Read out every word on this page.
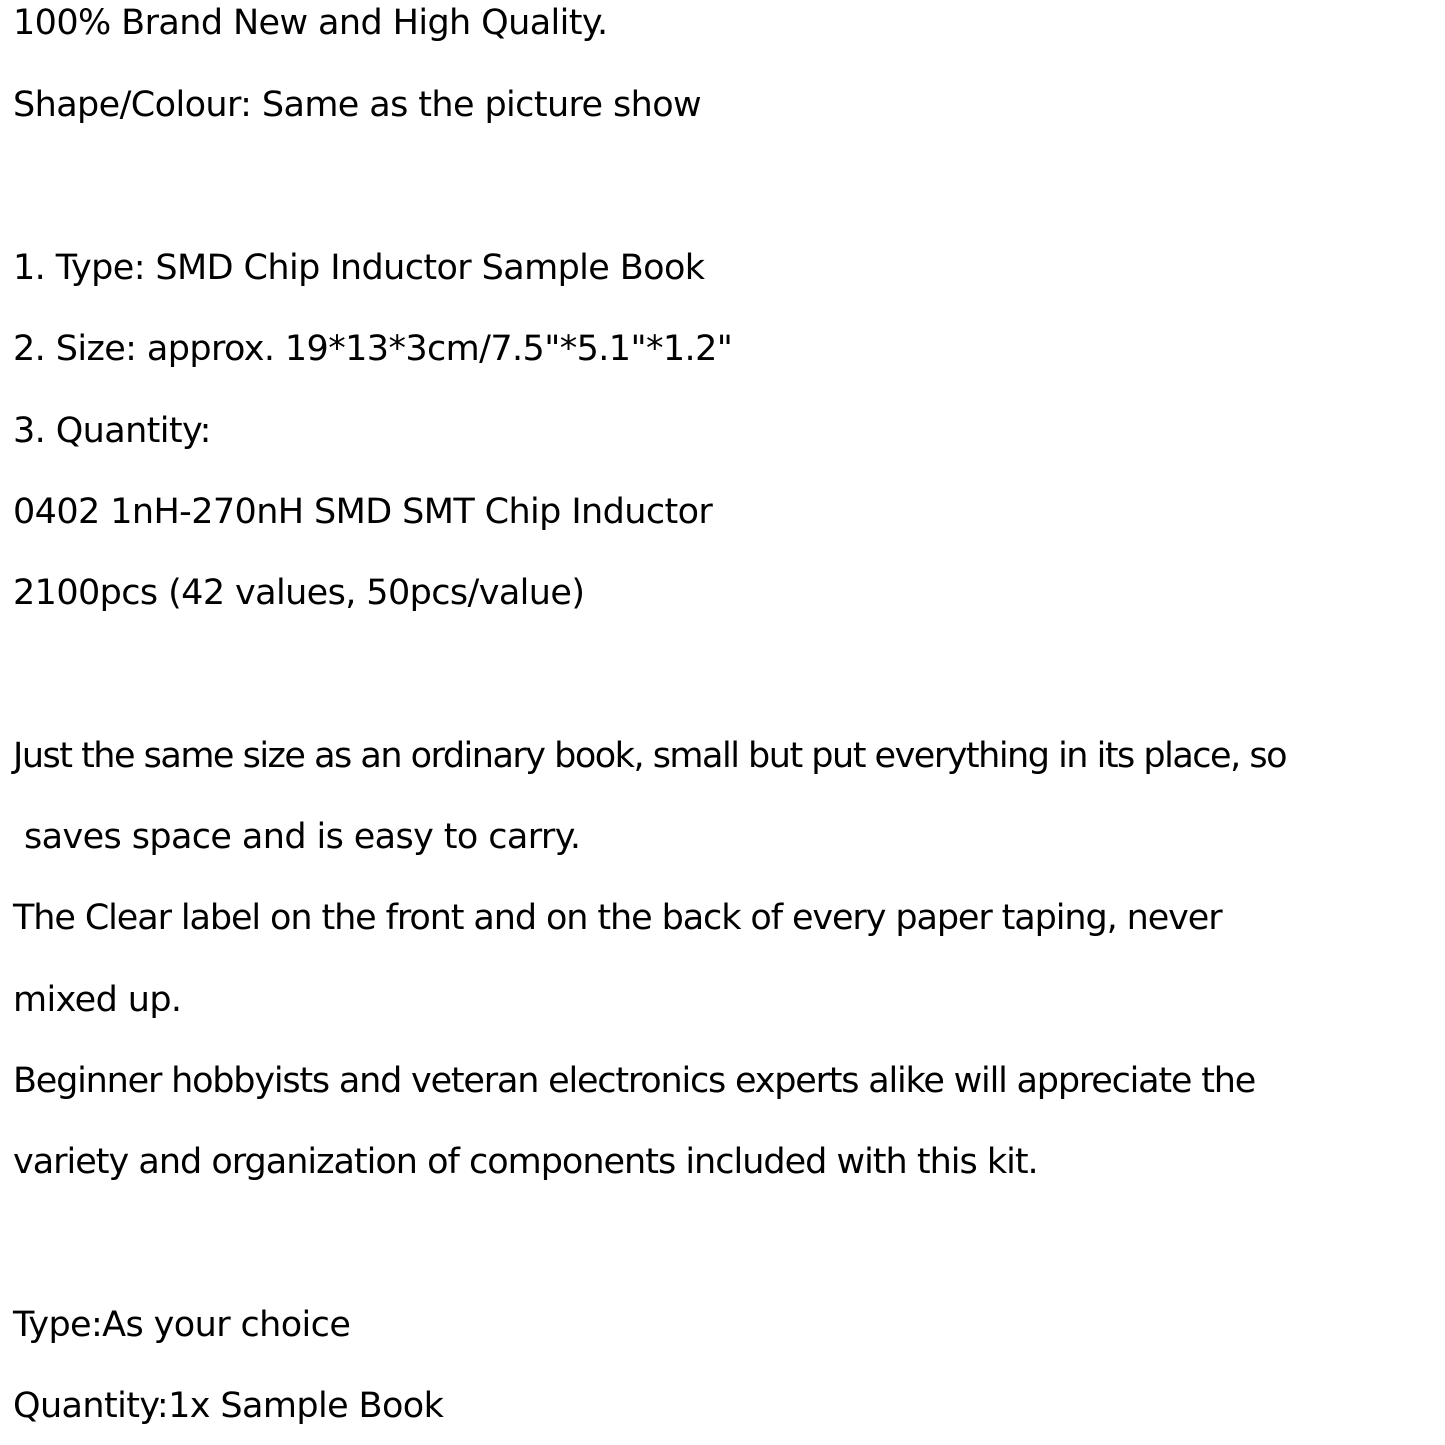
100% Brand New and High Quality.
Shape/Colour: Same as the picture show
1. Type: SMD Chip Inductor Sample Book
2. Size: approx. 19*13*3cm/7.5"*5.1"*1.2"
3. Quantity:
0402 1nH-270nH SMD SMT Chip Inductor
2100pcs (42 values, 50pcs/value)
Just the same size as an ordinary book, small but put everything in its place, so
saves space and is easy to carry.
The Clear label on the front and on the back of every paper taping, never
mixed up.
Beginner hobbyists and veteran electronics experts alike will appreciate the
variety and organization of components included with this kit.
Type:As your choice
Quantity:1x Sample Book
